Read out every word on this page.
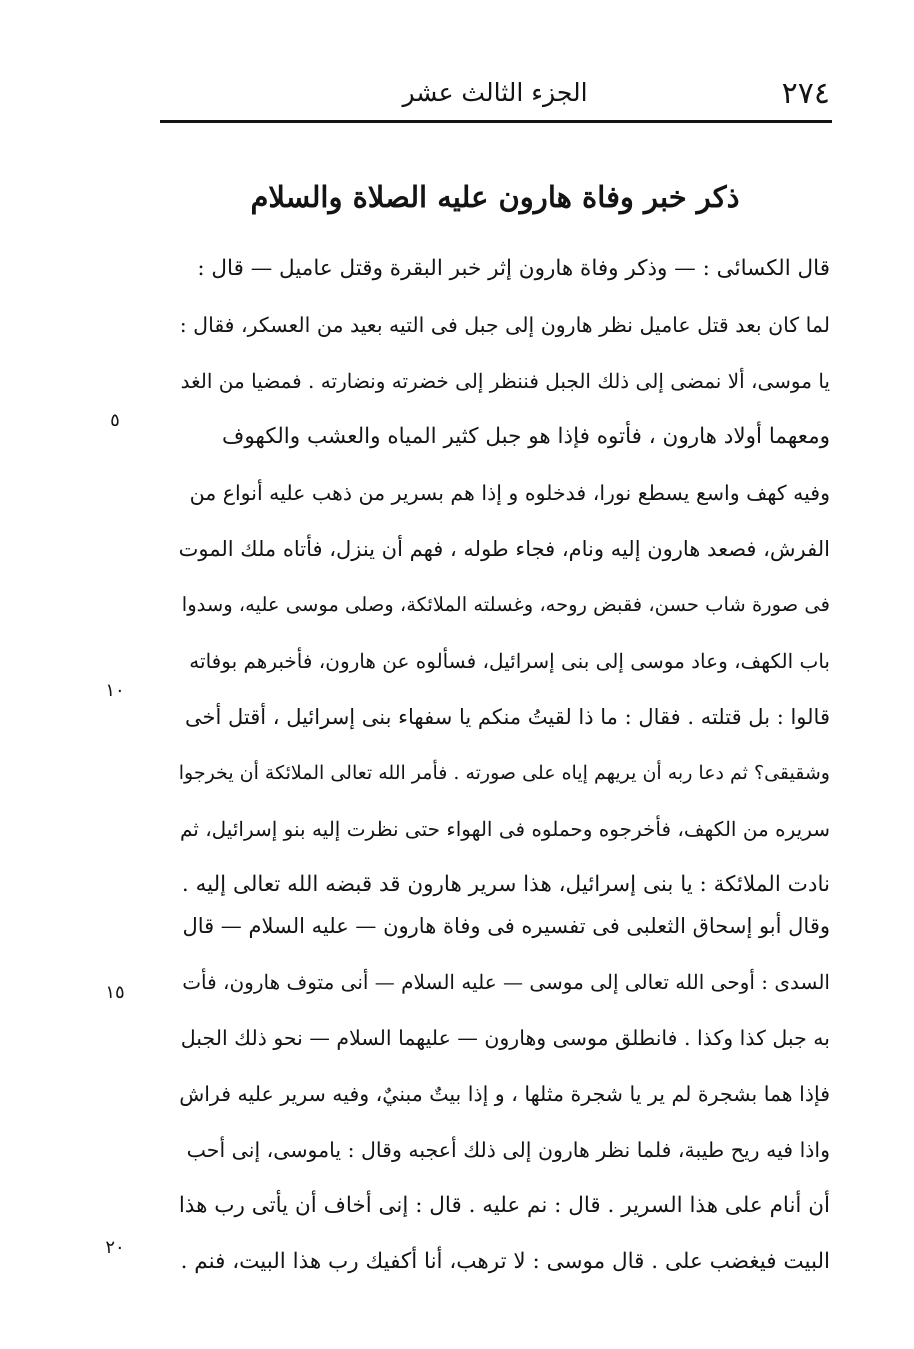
٢٧٤
الجزء الثالث عشر
ذكر خبر وفاة هارون عليه الصلاة والسلام
قال الكسائى : — وذكر وفاة هارون إثر خبر البقرة وقتل عاميل — قال :
لما كان بعد قتل عاميل نظر هارون إلى جبل فى التيه بعيد من العسكر، فقال :
يا موسى، ألا نمضى إلى ذلك الجبل فننظر إلى خضرته ونضارته . فمضيا من الغد
ومعهما أولاد هارون ، فأتوه فإذا هو جبل كثير المياه والعشب والكهوف
وفيه كهف واسع يسطع نورا، فدخلوه و إذا هم بسرير من ذهب عليه أنواع من
الفرش، فصعد هارون إليه ونام، فجاء طوله ، فهم أن ينزل، فأتاه ملك الموت
فى صورة شاب حسن، فقبض روحه، وغسلته الملائكة، وصلى موسى عليه، وسدوا
باب الكهف، وعاد موسى إلى بنى إسرائيل، فسألوه عن هارون، فأخبرهم بوفاته
قالوا : بل قتلته . فقال : ما ذا لقيتُ منكم يا سفهاء بنى إسرائيل ، أقتل أخى
وشقيقى؟ ثم دعا ربه أن يريهم إياه على صورته . فأمر الله تعالى الملائكة أن يخرجوا
سريره من الكهف، فأخرجوه وحملوه فى الهواء حتى نظرت إليه بنو إسرائيل، ثم
نادت الملائكة : يا بنى إسرائيل، هذا سرير هارون قد قبضه الله تعالى إليه .
وقال أبو إسحاق الثعلبى فى تفسيره فى وفاة هارون — عليه السلام — قال
السدى : أوحى الله تعالى إلى موسى — عليه السلام — أنى متوف هارون، فأت
به جبل كذا وكذا . فانطلق موسى وهارون — عليهما السلام — نحو ذلك الجبل
فإذا هما بشجرة لم ير يا شجرة مثلها ، و إذا بيتٌ مبنيٌ، وفيه سرير عليه فراش
واذا فيه ريح طيبة، فلما نظر هارون إلى ذلك أعجبه وقال : ياموسى، إنى أحب
أن أنام على هذا السرير . قال : نم عليه . قال : إنى أخاف أن يأتى رب هذا
البيت فيغضب على . قال موسى : لا ترهب، أنا أكفيك رب هذا البيت، فنم .
٥
١٠
١٥
٢٠
